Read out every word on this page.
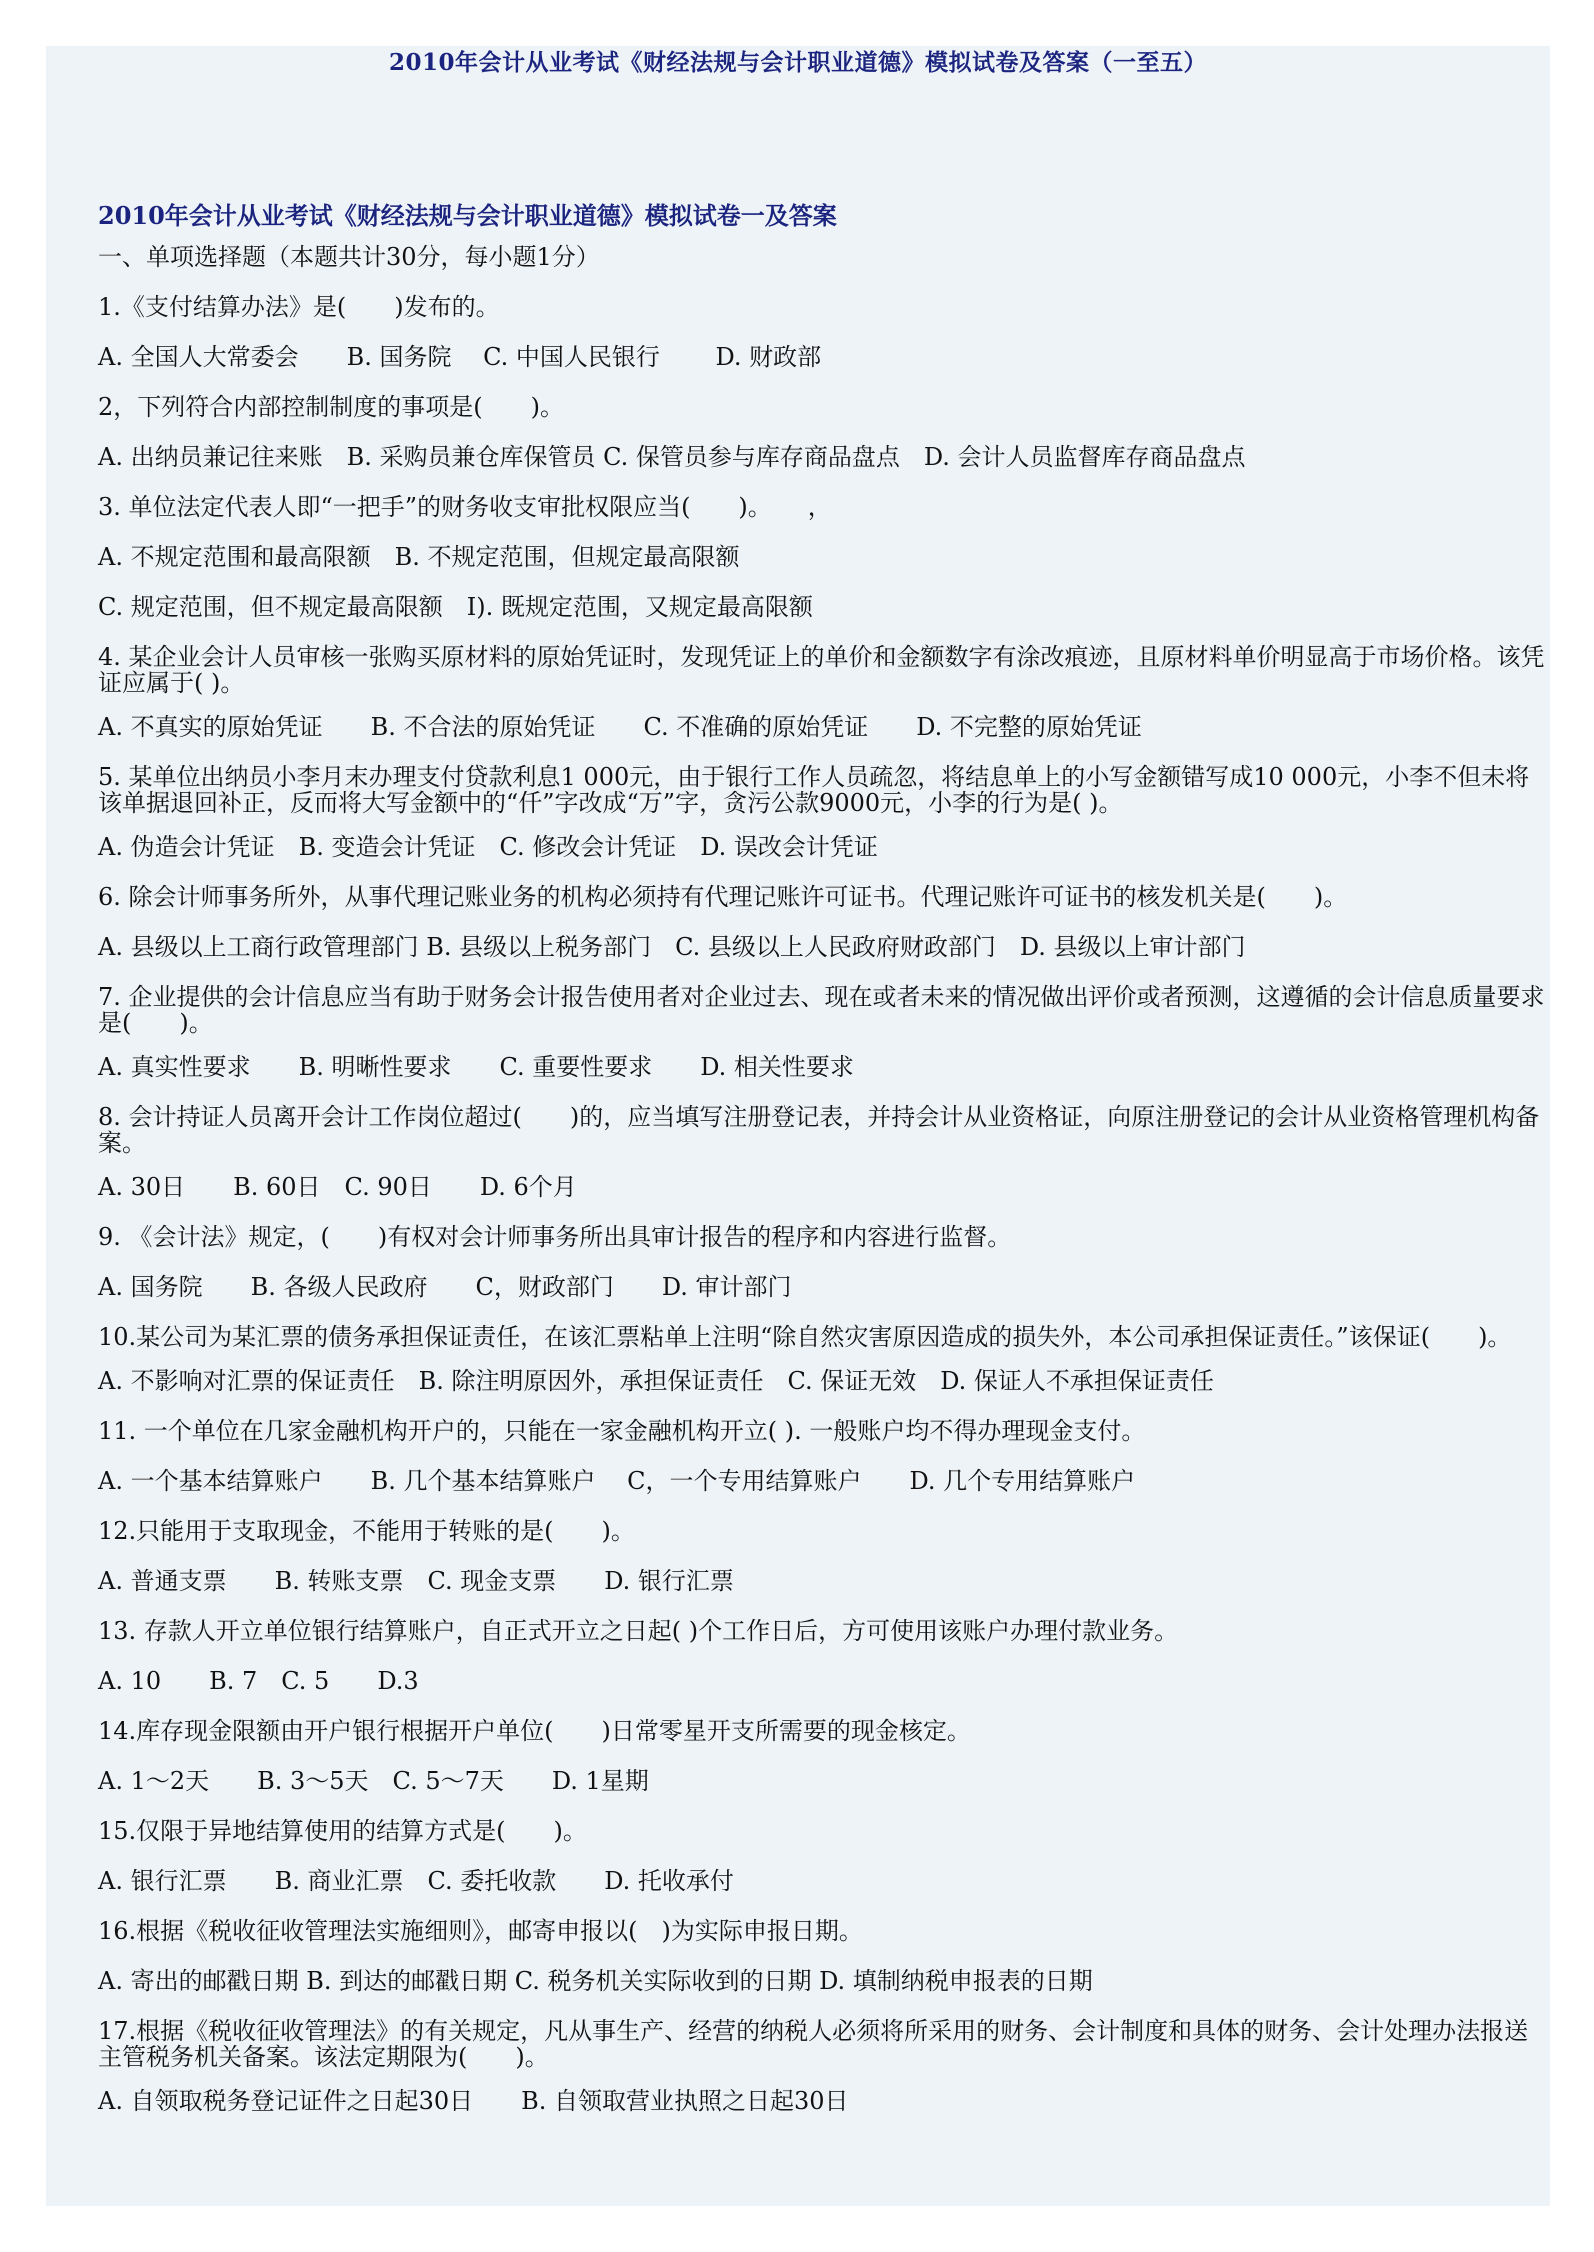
2010年会计从业考试《财经法规与会计职业道德》模拟试卷及答案（一至五）
2010年会计从业考试《财经法规与会计职业道德》模拟试卷一及答案
一、单项选择题（本题共计30分，每小题1分）
1.《支付结算办法》是(　　)发布的。
A. 全国人大常委会　　B. 国务院　 C. 中国人民银行　　 D. 财政部
2，下列符合内部控制制度的事项是(　　)。
A. 出纳员兼记往来账　B. 采购员兼仓库保管员 C. 保管员参与库存商品盘点　D. 会计人员监督库存商品盘点
3. 单位法定代表人即“一把手”的财务收支审批权限应当(　　)。　　，
A. 不规定范围和最高限额　B. 不规定范围，但规定最高限额
C. 规定范围，但不规定最高限额　I). 既规定范围，又规定最高限额
4. 某企业会计人员审核一张购买原材料的原始凭证时，发现凭证上的单价和金额数字有涂改痕迹，且原材料单价明显高于市场价格。该凭证应属于( )。
A. 不真实的原始凭证　　B. 不合法的原始凭证　　C. 不准确的原始凭证　　D. 不完整的原始凭证
5. 某单位出纳员小李月末办理支付贷款利息1 000元，由于银行工作人员疏忽，将结息单上的小写金额错写成10 000元，小李不但未将该单据退回补正，反而将大写金额中的“仟”字改成“万”字，贪污公款9000元，小李的行为是( )。
A. 伪造会计凭证　B. 变造会计凭证　C. 修改会计凭证　D. 误改会计凭证
6. 除会计师事务所外，从事代理记账业务的机构必须持有代理记账许可证书。代理记账许可证书的核发机关是(　　)。
A. 县级以上工商行政管理部门 B. 县级以上税务部门　C. 县级以上人民政府财政部门　D. 县级以上审计部门
7. 企业提供的会计信息应当有助于财务会计报告使用者对企业过去、现在或者未来的情况做出评价或者预测，这遵循的会计信息质量要求是(　　)。
A. 真实性要求　　B. 明晰性要求　　C. 重要性要求　　D. 相关性要求
8. 会计持证人员离开会计工作岗位超过(　　)的，应当填写注册登记表，并持会计从业资格证，向原注册登记的会计从业资格管理机构备案。
A. 30日　　B. 60日　C. 90日　　D. 6个月
9. 《会计法》规定，(　　)有权对会计师事务所出具审计报告的程序和内容进行监督。
A. 国务院　　B. 各级人民政府　　C，财政部门　　D. 审计部门
10.某公司为某汇票的债务承担保证责任，在该汇票粘单上注明“除自然灾害原因造成的损失外，本公司承担保证责任。”该保证(　　)。
A. 不影响对汇票的保证责任　B. 除注明原因外，承担保证责任　C. 保证无效　D. 保证人不承担保证责任
11. 一个单位在几家金融机构开户的，只能在一家金融机构开立( ). 一般账户均不得办理现金支付。
A. 一个基本结算账户　　B. 几个基本结算账户　 C，一个专用结算账户　　D. 几个专用结算账户
12.只能用于支取现金，不能用于转账的是(　　)。
A. 普通支票　　B. 转账支票　C. 现金支票　　D. 银行汇票
13. 存款人开立单位银行结算账户，自正式开立之日起( )个工作日后，方可使用该账户办理付款业务。
A. 10　　B. 7　C. 5　　D.3
14.库存现金限额由开户银行根据开户单位(　　)日常零星开支所需要的现金核定。
A. 1～2天　　B. 3～5天　C. 5～7天　　D. 1星期
15.仅限于异地结算使用的结算方式是(　　)。
A. 银行汇票　　B. 商业汇票　C. 委托收款　　D. 托收承付
16.根据《税收征收管理法实施细则》，邮寄申报以(　)为实际申报日期。
A. 寄出的邮戳日期 B. 到达的邮戳日期 C. 税务机关实际收到的日期 D. 填制纳税申报表的日期
17.根据《税收征收管理法》的有关规定，凡从事生产、经营的纳税人必须将所采用的财务、会计制度和具体的财务、会计处理办法报送主管税务机关备案。该法定期限为(　　)。
A. 自领取税务登记证件之日起30日　　B. 自领取营业执照之日起30日
